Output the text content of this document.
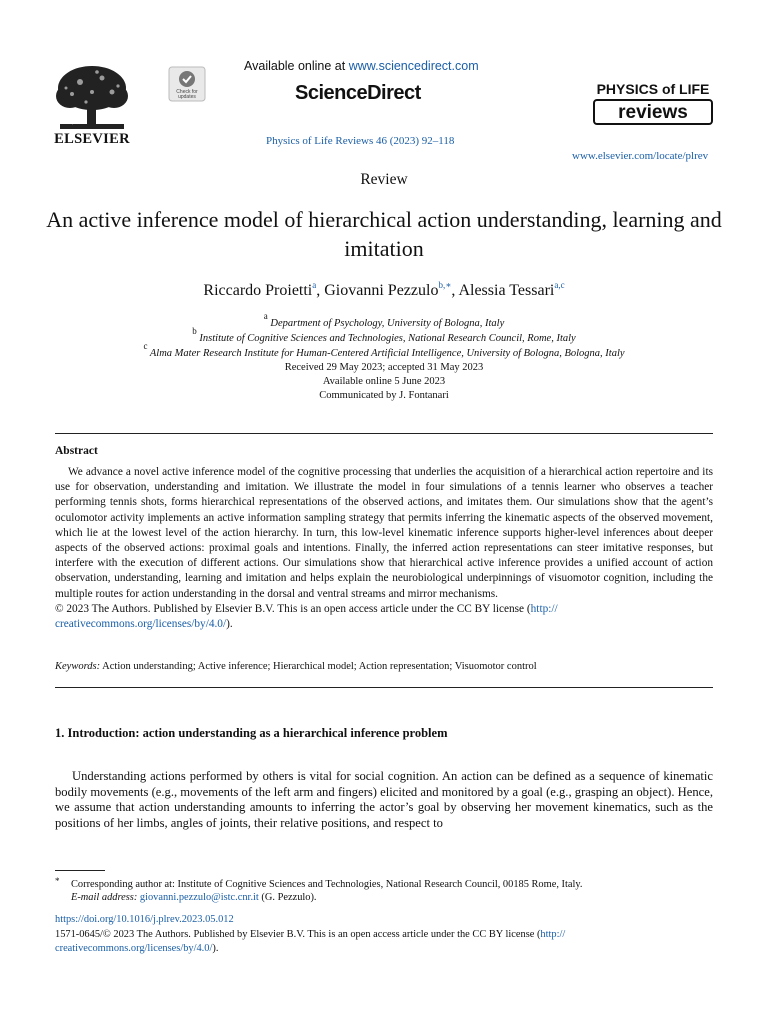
ELSEVIER
Check for
updates
Available online at www.sciencedirect.com
ScienceDirect
Physics of Life Reviews 46 (2023) 92–118
PHYSICS of LIFE
reviews
www.elsevier.com/locate/plrev
Review
An active inference model of hierarchical action understanding, learning and imitation
Riccardo Proietti$^a$, Giovanni Pezzulo$^{b,∗}$, Alessia Tessari$^{a,c}$
$^a$ Department of Psychology, University of Bologna, Italy
$^b$ Institute of Cognitive Sciences and Technologies, National Research Council, Rome, Italy
$^c$ Alma Mater Research Institute for Human-Centered Artificial Intelligence, University of Bologna, Bologna, Italy
Received 29 May 2023; accepted 31 May 2023
Available online 5 June 2023
Communicated by J. Fontanari
Abstract

We advance a novel active inference model of the cognitive processing that underlies the acquisition of a hierarchical action repertoire and its use for observation, understanding and imitation. We illustrate the model in four simulations of a tennis learner who observes a teacher performing tennis shots, forms hierarchical representations of the observed actions, and imitates them. Our simulations show that the agent’s oculomotor activity implements an active information sampling strategy that permits inferring the kinematic aspects of the observed movement, which lie at the lowest level of the action hierarchy. In turn, this low-level kinematic inference supports higher-level inferences about deeper aspects of the observed actions: proximal goals and intentions. Finally, the inferred action representations can steer imitative responses, but interfere with the execution of different actions. Our simulations show that hierarchical active inference provides a unified account of action observation, understanding, learning and imitation and helps explain the neurobiological underpinnings of visuomotor cognition, including the multiple routes for action understanding in the dorsal and ventral streams and mirror mechanisms.

© 2023 The Authors. Published by Elsevier B.V. This is an open access article under the CC BY license (http://
creativecommons.org/licenses/by/4.0/).

Keywords: Action understanding; Active inference; Hierarchical model; Action representation; Visuomotor control
1. Introduction: action understanding as a hierarchical inference problem

Understanding actions performed by others is vital for social cognition. An action can be defined as a sequence of kinematic bodily movements (e.g., movements of the left arm and fingers) elicited and monitored by a goal (e.g., grasping an object). Hence, we assume that action understanding amounts to inferring the actor’s goal by observing her movement kinematics, such as the positions of her limbs, angles of joints, their relative positions, and respect to

* Corresponding author at: Institute of Cognitive Sciences and Technologies, National Research Council, 00185 Rome, Italy.
E-mail address: giovanni.pezzulo@istc.cnr.it (G. Pezzulo).
https://doi.org/10.1016/j.plrev.2023.05.012
1571-0645/© 2023 The Authors. Published by Elsevier B.V. This is an open access article under the CC BY license (http://
creativecommons.org/licenses/by/4.0/).
